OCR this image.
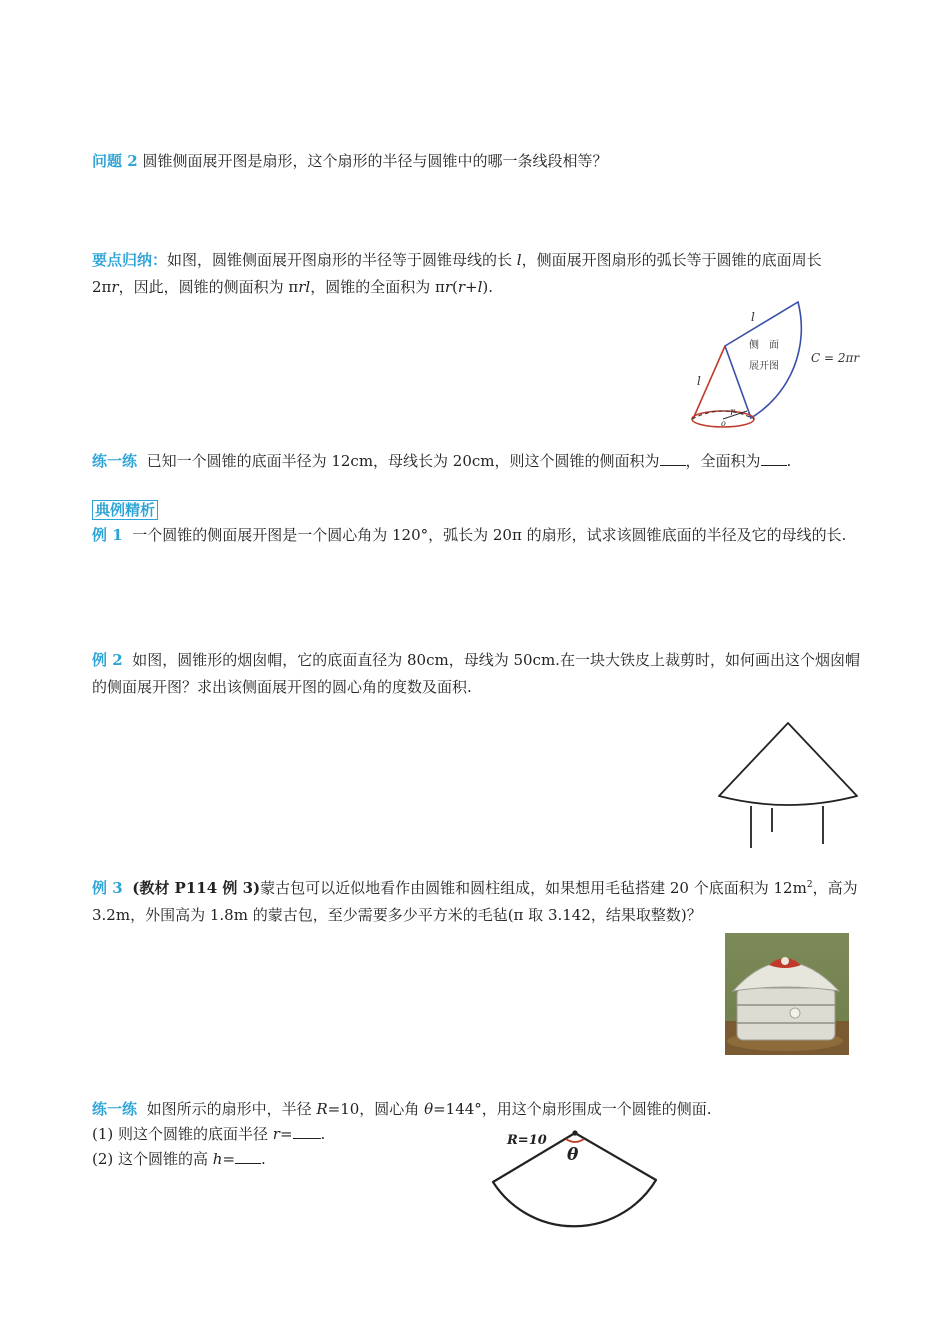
问题 2 圆锥侧面展开图是扇形，这个扇形的半径与圆锥中的哪一条线段相等？
要点归纳：如图，圆锥侧面展开图扇形的半径等于圆锥母线的长 l，侧面展开图扇形的弧长等于圆锥的底面周长 2πr，因此，圆锥的侧面积为 πrl，圆锥的全面积为 πr(r+l).
l
l
r
o
侧　面
展开图
C = 2πr
练一练 已知一个圆锥的底面半径为 12cm，母线长为 20cm，则这个圆锥的侧面积为 ，全面积为 .
典例精析
例 1 一个圆锥的侧面展开图是一个圆心角为 120°，弧长为 20π 的扇形，试求该圆锥底面的半径及它的母线的长.
例 2 如图，圆锥形的烟囱帽，它的底面直径为 80cm，母线为 50cm.在一块大铁皮上裁剪时，如何画出这个烟囱帽的侧面展开图？求出该侧面展开图的圆心角的度数及面积.
例 3 (教材 P114 例 3)蒙古包可以近似地看作由圆锥和圆柱组成，如果想用毛毡搭建 20 个底面积为 $12m^2$，高为 3.2m，外围高为 1.8m 的蒙古包，至少需要多少平方米的毛毡(π 取 3.142，结果取整数)？
练一练 如图所示的扇形中，半径 R=10，圆心角 θ=144°，用这个扇形围成一个圆锥的侧面.
(1) 则这个圆锥的底面半径 r= .
(2) 这个圆锥的高 h= .
R=10
θ
